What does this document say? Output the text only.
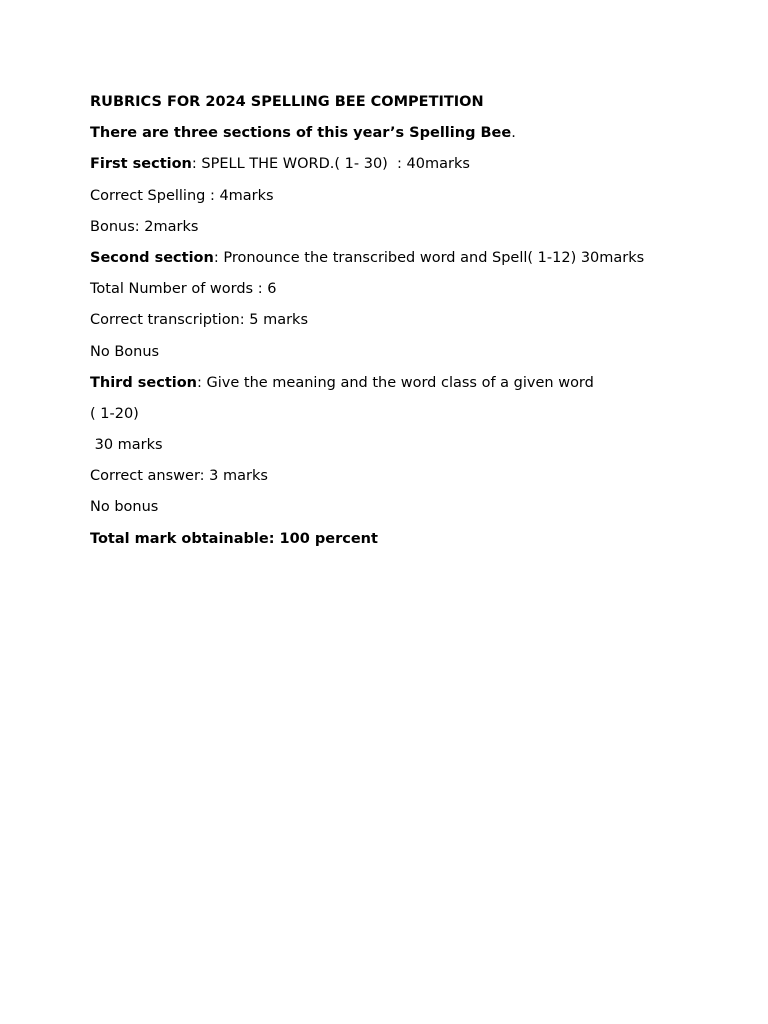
RUBRICS FOR 2024 SPELLING BEE COMPETITION
There are three sections of this year’s Spelling Bee.
First section: SPELL THE WORD.( 1- 30)  : 40marks
Correct Spelling : 4marks
Bonus: 2marks
Second section: Pronounce the transcribed word and Spell( 1-12) 30marks
Total Number of words : 6
Correct transcription: 5 marks
No Bonus
Third section: Give the meaning and the word class of a given word
( 1-20)
30 marks
Correct answer: 3 marks
No bonus
Total mark obtainable: 100 percent
